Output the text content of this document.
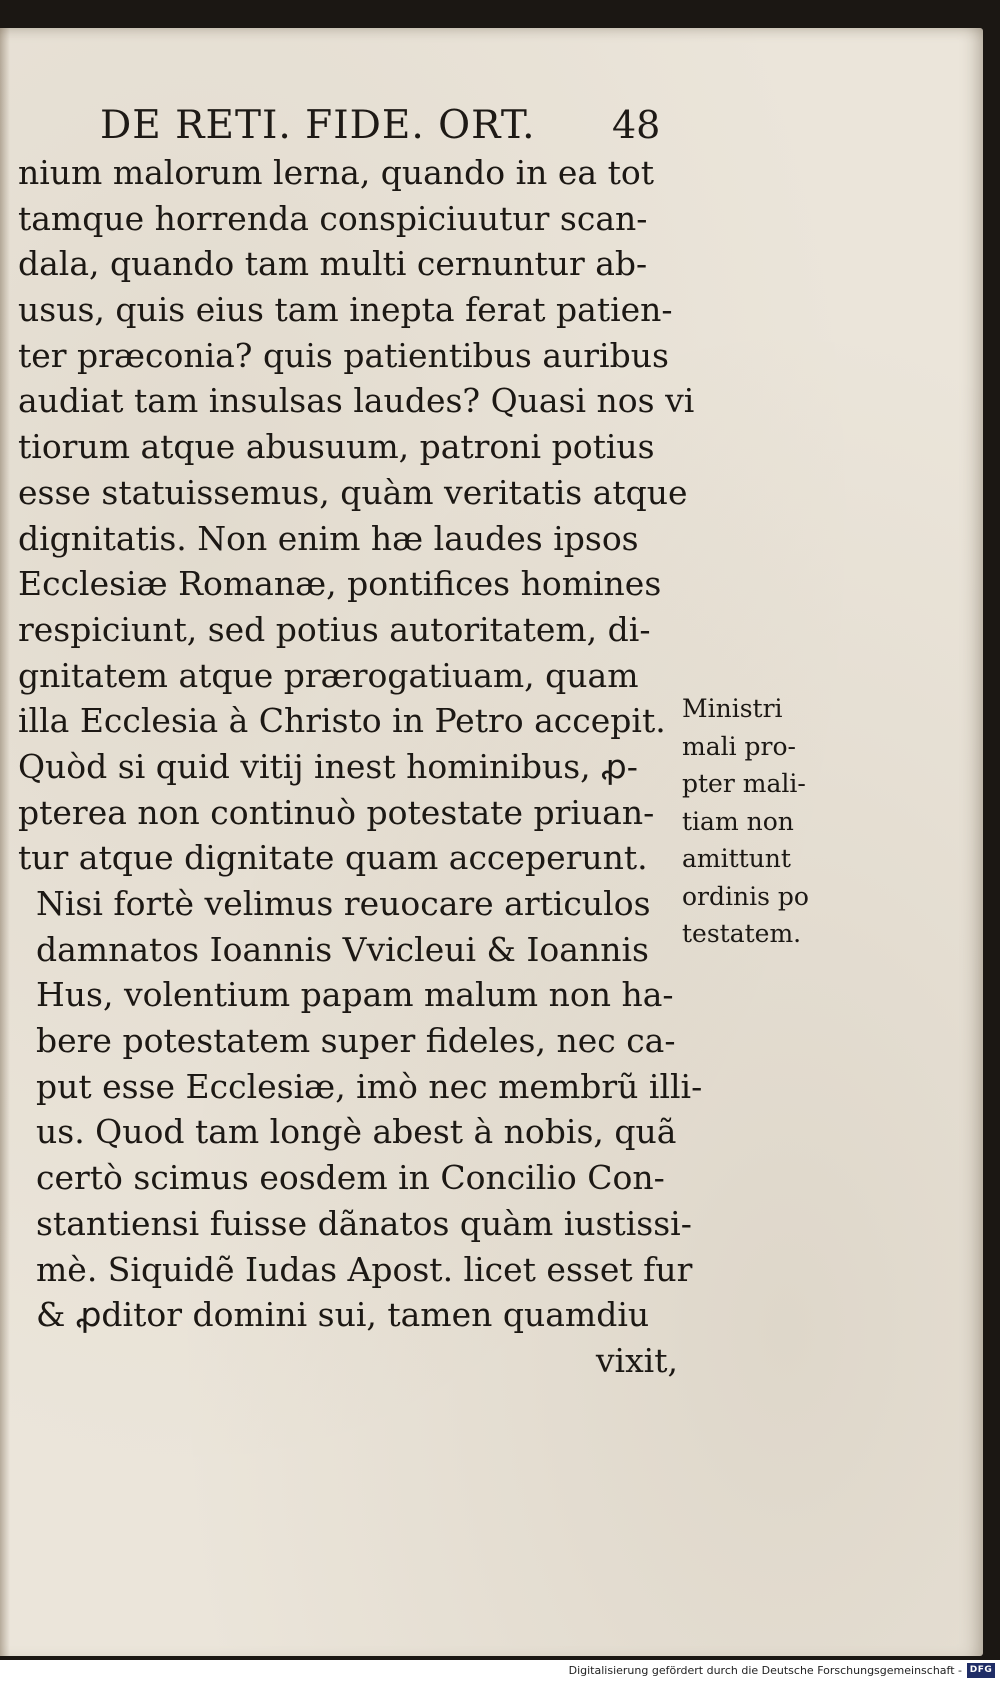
DE RETI. FIDE. ORT.	48
nium malorum lerna, quando in ea tot
tamque horrenda conspiciuutur scan-
dala, quando tam multi cernuntur ab-
usus, quis eius tam inepta ferat patien-
ter præconia? quis patientibus auribus
audiat tam insulsas laudes? Quasi nos vi
tiorum atque abusuum, patroni potius
esse statuissemus, quàm veritatis atque
dignitatis. Non enim hæ laudes ipsos
Ecclesiæ Romanæ, pontifices homines
respiciunt, sed potius autoritatem, di-
gnitatem atque prærogatiuam, quam
illa Ecclesia à Christo in Petro accepit.
Quòd si quid vitij inest hominibus, ꝓ-
pterea non continuò potestate priuan-
tur atque dignitate quam acceperunt.
Nisi fortè velimus reuocare articulos
damnatos Ioannis Vvicleui & Ioannis
Hus, volentium papam malum non ha-
bere potestatem super fideles, nec ca-
put esse Ecclesiæ, imò nec membrũ illi-
us. Quod tam longè abest à nobis, quã
certò scimus eosdem in Concilio Con-
stantiensi fuisse dãnatos quàm iustissi-
mè. Siquidẽ Iudas Apost. licet esset fur
& ꝓditor domini sui, tamen quamdiu
vixit,
Ministri
mali pro-
pter mali-
tiam non
amittunt
ordinis po
testatem.
Digitalisierung gefördert durch die Deutsche Forschungsgemeinschaft - DFG
